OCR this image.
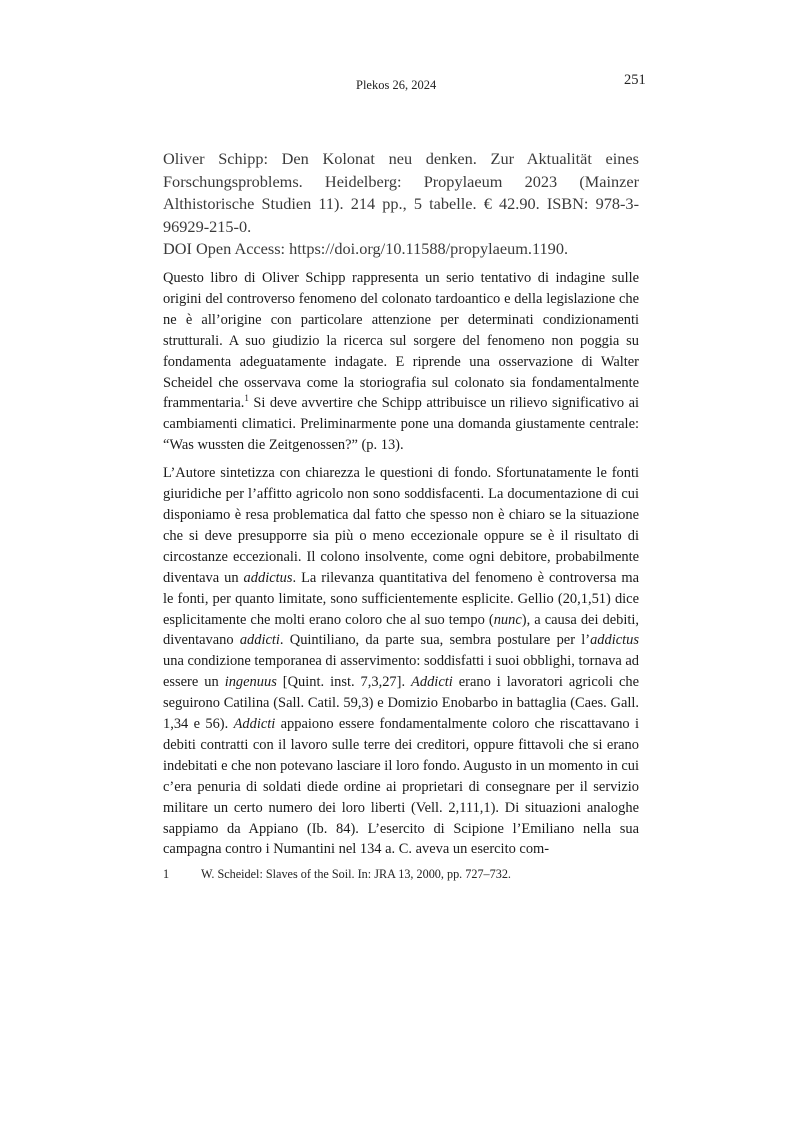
Plekos 26, 2024	251

Oliver Schipp: Den Kolonat neu denken. Zur Aktualität eines Forschungsproblems. Heidelberg: Propylaeum 2023 (Mainzer Althistorische Studien 11). 214 pp., 5 tabelle. € 42.90. ISBN: 978-3-96929-215-0.

DOI Open Access: https://doi.org/10.11588/propylaeum.1190.

Questo libro di Oliver Schipp rappresenta un serio tentativo di indagine sulle origini del controverso fenomeno del colonato tardoantico e della legislazione che ne è all’origine con particolare attenzione per determinati condizionamenti strutturali. A suo giudizio la ricerca sul sorgere del fenomeno non poggia su fondamenta adeguatamente indagate. E riprende una osservazione di Walter Scheidel che osservava come la storiografia sul colonato sia fondamentalmente frammentaria.$^1$ Si deve avvertire che Schipp attribuisce un rilievo significativo ai cambiamenti climatici. Preliminarmente pone una domanda giustamente centrale: “Was wussten die Zeitgenossen?” (p. 13).

L’Autore sintetizza con chiarezza le questioni di fondo. Sfortunatamente le fonti giuridiche per l’affitto agricolo non sono soddisfacenti. La documentazione di cui disponiamo è resa problematica dal fatto che spesso non è chiaro se la situazione che si deve presupporre sia più o meno eccezionale oppure se è il risultato di circostanze eccezionali. Il colono insolvente, come ogni debitore, probabilmente diventava un addictus. La rilevanza quantitativa del fenomeno è controversa ma le fonti, per quanto limitate, sono sufficientemente esplicite. Gellio (20,1,51) dice esplicitamente che molti erano coloro che al suo tempo (nunc), a causa dei debiti, diventavano addicti. Quintiliano, da parte sua, sembra postulare per l’addictus una condizione temporanea di asservimento: soddisfatti i suoi obblighi, tornava ad essere un ingenuus [Quint. inst. 7,3,27]. Addicti erano i lavoratori agricoli che seguirono Catilina (Sall. Catil. 59,3) e Domizio Enobarbo in battaglia (Caes. Gall. 1,34 e 56). Addicti appaiono essere fondamentalmente coloro che riscattavano i debiti contratti con il lavoro sulle terre dei creditori, oppure fittavoli che si erano indebitati e che non potevano lasciare il loro fondo. Augusto in un momento in cui c’era penuria di soldati diede ordine ai proprietari di consegnare per il servizio militare un certo numero dei loro liberti (Vell. 2,111,1). Di situazioni analoghe sappiamo da Appiano (Ib. 84). L’esercito di Scipione l’Emiliano nella sua campagna contro i Numantini nel 134 a. C. aveva un esercito com-

1	W. Scheidel: Slaves of the Soil. In: JRA 13, 2000, pp. 727–732.
